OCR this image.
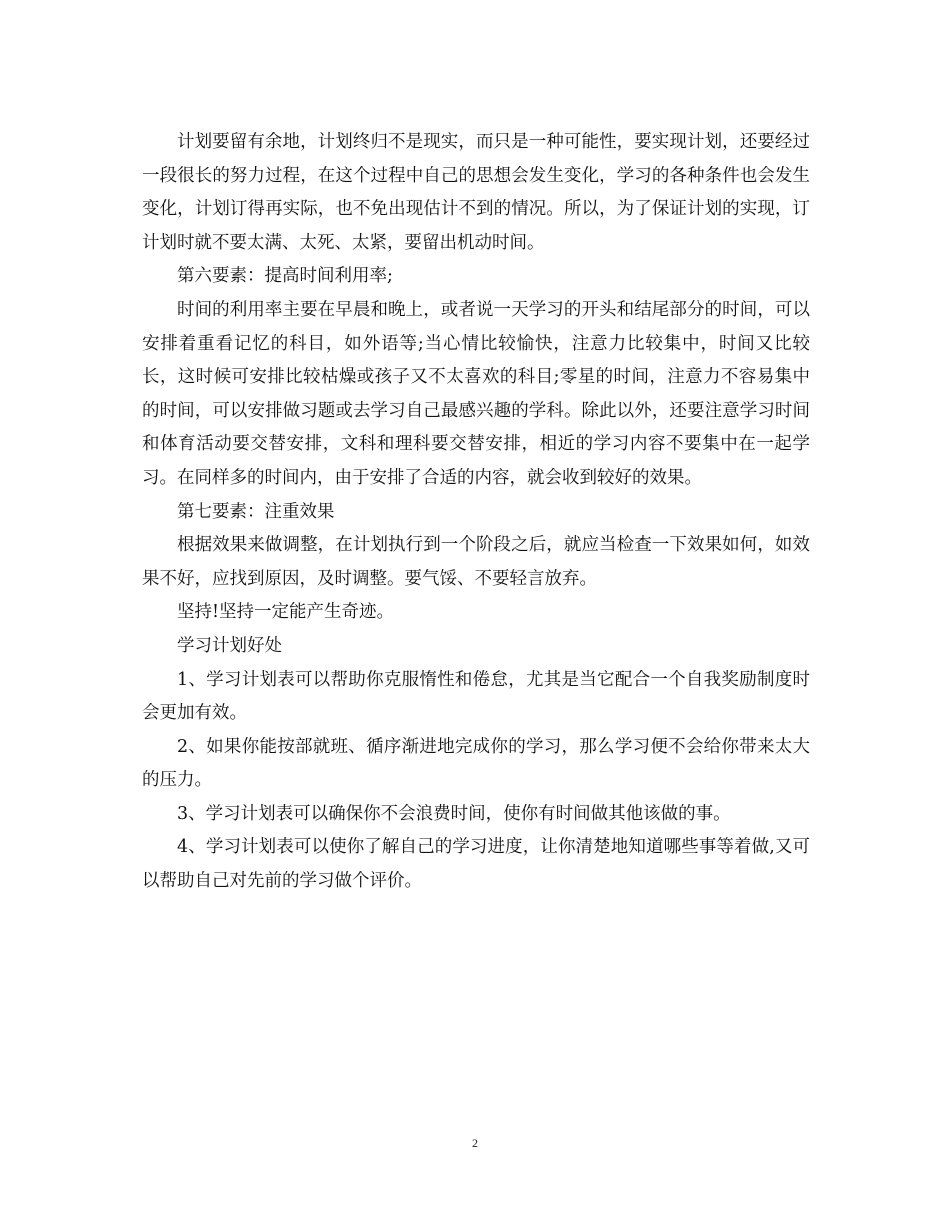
计划要留有余地，计划终归不是现实，而只是一种可能性，要实现计划，还要经过一段很长的努力过程，在这个过程中自己的思想会发生变化，学习的各种条件也会发生变化，计划订得再实际，也不免出现估计不到的情况。所以，为了保证计划的实现，订计划时就不要太满、太死、太紧，要留出机动时间。

第六要素：提高时间利用率;

时间的利用率主要在早晨和晚上，或者说一天学习的开头和结尾部分的时间，可以安排着重看记忆的科目，如外语等;当心情比较愉快，注意力比较集中，时间又比较长，这时候可安排比较枯燥或孩子又不太喜欢的科目;零星的时间，注意力不容易集中的时间，可以安排做习题或去学习自己最感兴趣的学科。除此以外，还要注意学习时间和体育活动要交替安排，文科和理科要交替安排，相近的学习内容不要集中在一起学习。在同样多的时间内，由于安排了合适的内容，就会收到较好的效果。

第七要素：注重效果

根据效果来做调整，在计划执行到一个阶段之后，就应当检查一下效果如何，如效果不好，应找到原因，及时调整。要气馁、不要轻言放弃。

坚持!坚持一定能产生奇迹。

学习计划好处

1、学习计划表可以帮助你克服惰性和倦怠，尤其是当它配合一个自我奖励制度时会更加有效。

2、如果你能按部就班、循序渐进地完成你的学习，那么学习便不会给你带来太大的压力。

3、学习计划表可以确保你不会浪费时间，使你有时间做其他该做的事。

4、学习计划表可以使你了解自己的学习进度，让你清楚地知道哪些事等着做,又可以帮助自己对先前的学习做个评价。

2
